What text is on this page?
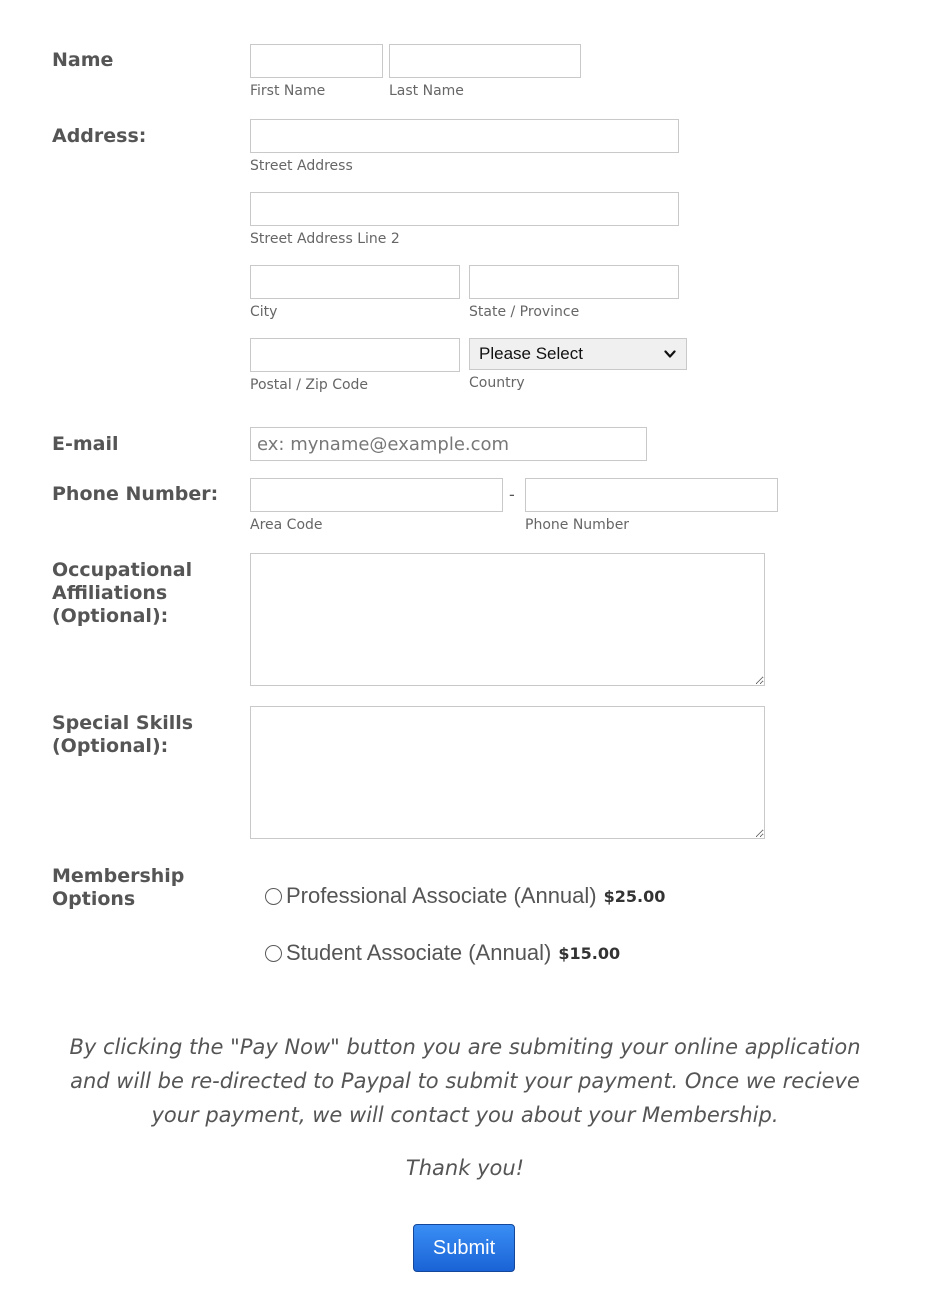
Name
First Name	Last Name
Address:
Street Address
Street Address Line 2
City	State / Province
Please Select
Postal / Zip Code	Country
E-mail
ex: myname@example.com
Phone Number:	-
Area Code	Phone Number
Occupational
Affiliations
(Optional):
Special Skills
(Optional):
Membership
Options	Professional Associate (Annual) $25.00
Student Associate (Annual) $15.00
By clicking the "Pay Now" button you are submiting your online application
and will be re-directed to Paypal to submit your payment. Once we recieve
your payment, we will contact you about your Membership.
Thank you!
Submit
